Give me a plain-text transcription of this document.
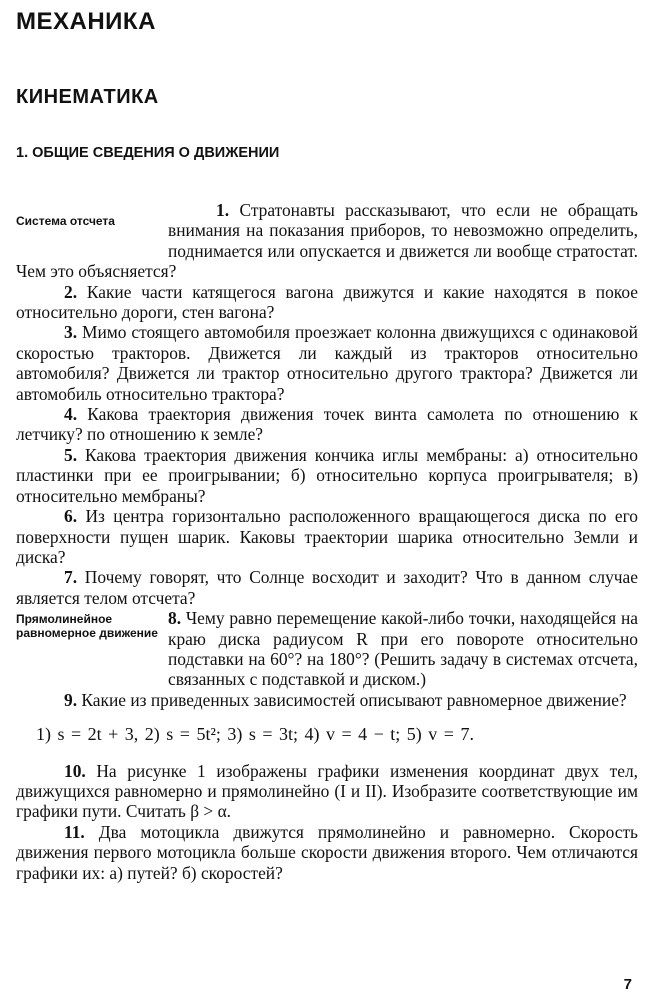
МЕХАНИКА
КИНЕМАТИКА
1. ОБЩИЕ СВЕДЕНИЯ О ДВИЖЕНИИ
Система отсчета

1. Стратонавты рассказывают, что если не обращать внимания на показания приборов, то невозможно определить, поднимается или опускается и движется ли вообще стратостат. Чем это объясняется?

2. Какие части катящегося вагона движутся и какие находятся в покое относительно дороги, стен вагона?

3. Мимо стоящего автомобиля проезжает колонна движущихся с одинаковой скоростью тракторов. Движется ли каждый из тракторов относительно автомобиля? Движется ли трактор относительно другого трактора? Движется ли автомобиль относительно трактора?

4. Какова траектория движения точек винта самолета по отношению к летчику? по отношению к земле?

5. Какова траектория движения кончика иглы мембраны: а) относительно пластинки при ее проигрывании; б) относительно корпуса проигрывателя; в) относительно мембраны?

6. Из центра горизонтально расположенного вращающегося диска по его поверхности пущен шарик. Каковы траектории шарика относительно Земли и диска?

7. Почему говорят, что Солнце восходит и заходит? Что в данном случае является телом отсчета?

Прямолинейное равномерное движение

8. Чему равно перемещение какой-либо точки, находящейся на краю диска радиусом R при его повороте относительно подставки на 60°? на 180°? (Решить задачу в системах отсчета, связанных с подставкой и диском.)

9. Какие из приведенных зависимостей описывают равномерное движение?

1) s = 2t + 3, 2) s = 5t²; 3) s = 3t; 4) v = 4 − t; 5) v = 7.

10. На рисунке 1 изображены графики изменения координат двух тел, движущихся равномерно и прямолинейно (I и II). Изобразите соответствующие им графики пути. Считать β > α.

11. Два мотоцикла движутся прямолинейно и равномерно. Скорость движения первого мотоцикла больше скорости движения второго. Чем отличаются графики их: а) путей? б) скоростей?

7
